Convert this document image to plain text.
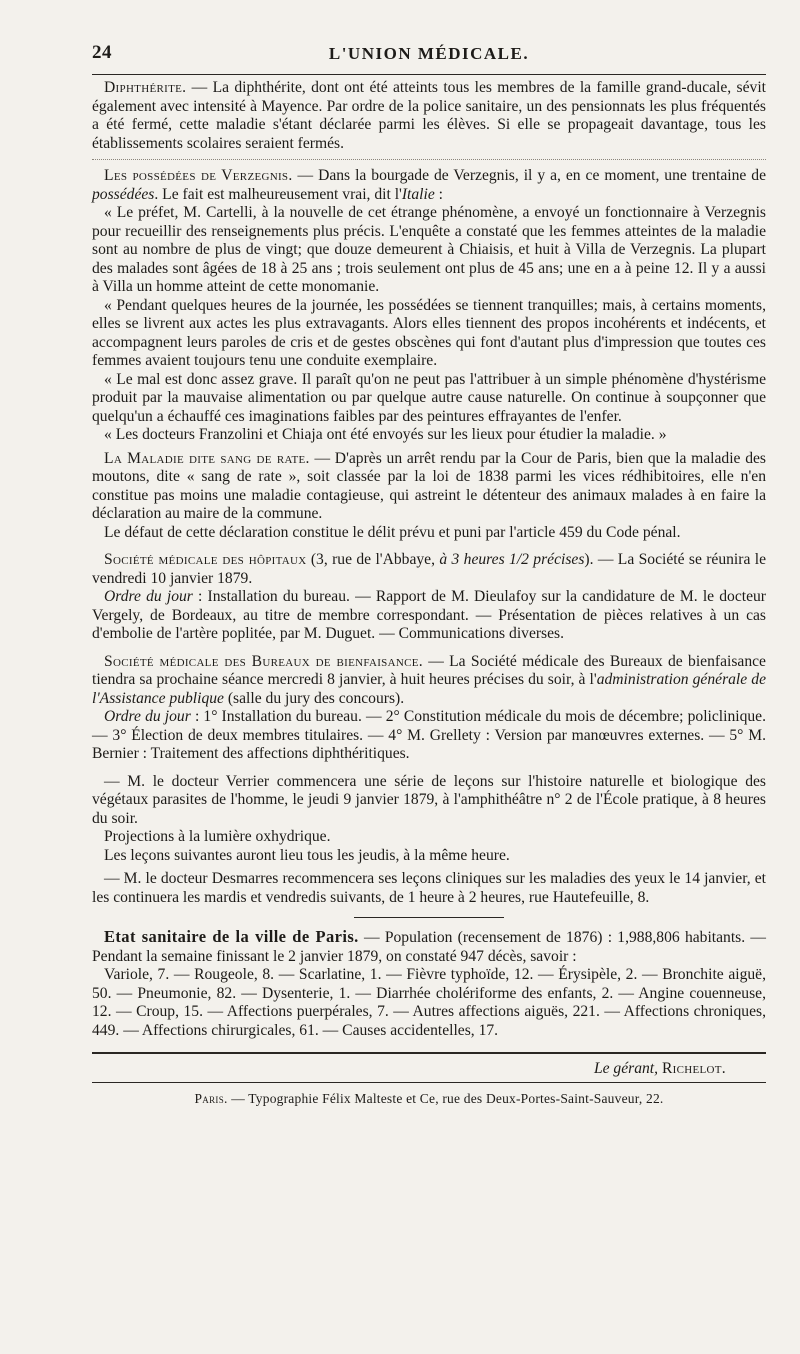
24	L'UNION MÉDICALE.

Diphthérite. — La diphthérite, dont ont été atteints tous les membres de la famille grand-ducale, sévit également avec intensité à Mayence. Par ordre de la police sanitaire, un des pensionnats les plus fréquentés a été fermé, cette maladie s'étant déclarée parmi les élèves. Si elle se propageait davantage, tous les établissements scolaires seraient fermés.

Les possédées de Verzegnis. — Dans la bourgade de Verzegnis, il y a, en ce moment, une trentaine de possédées. Le fait est malheureusement vrai, dit l'Italie :

« Le préfet, M. Cartelli, à la nouvelle de cet étrange phénomène, a envoyé un fonctionnaire à Verzegnis pour recueillir des renseignements plus précis. L'enquête a constaté que les femmes atteintes de la maladie sont au nombre de plus de vingt; que douze demeurent à Chiaisis, et huit à Villa de Verzegnis. La plupart des malades sont âgées de 18 à 25 ans ; trois seulement ont plus de 45 ans; une en a à peine 12. Il y a aussi à Villa un homme atteint de cette monomanie.

« Pendant quelques heures de la journée, les possédées se tiennent tranquilles; mais, à certains moments, elles se livrent aux actes les plus extravagants. Alors elles tiennent des propos incohérents et indécents, et accompagnent leurs paroles de cris et de gestes obscènes qui font d'autant plus d'impression que toutes ces femmes avaient toujours tenu une conduite exemplaire.

« Le mal est donc assez grave. Il paraît qu'on ne peut pas l'attribuer à un simple phénomène d'hystérisme produit par la mauvaise alimentation ou par quelque autre cause naturelle. On continue à soupçonner que quelqu'un a échauffé ces imaginations faibles par des peintures effrayantes de l'enfer.

« Les docteurs Franzolini et Chiaja ont été envoyés sur les lieux pour étudier la maladie. »

La Maladie dite sang de rate. — D'après un arrêt rendu par la Cour de Paris, bien que la maladie des moutons, dite « sang de rate », soit classée par la loi de 1838 parmi les vices rédhibitoires, elle n'en constitue pas moins une maladie contagieuse, qui astreint le détenteur des animaux malades à en faire la déclaration au maire de la commune.

Le défaut de cette déclaration constitue le délit prévu et puni par l'article 459 du Code pénal.

Société médicale des hôpitaux (3, rue de l'Abbaye, à 3 heures 1/2 précises). — La Société se réunira le vendredi 10 janvier 1879.

Ordre du jour : Installation du bureau. — Rapport de M. Dieulafoy sur la candidature de M. le docteur Vergely, de Bordeaux, au titre de membre correspondant. — Présentation de pièces relatives à un cas d'embolie de l'artère poplitée, par M. Duguet. — Communications diverses.

Société médicale des Bureaux de bienfaisance. — La Société médicale des Bureaux de bienfaisance tiendra sa prochaine séance mercredi 8 janvier, à huit heures précises du soir, à l'administration générale de l'Assistance publique (salle du jury des concours).

Ordre du jour : 1° Installation du bureau. — 2° Constitution médicale du mois de décembre; policlinique. — 3° Élection de deux membres titulaires. — 4° M. Grellety : Version par manœuvres externes. — 5° M. Bernier : Traitement des affections diphthéritiques.

— M. le docteur Verrier commencera une série de leçons sur l'histoire naturelle et biologique des végétaux parasites de l'homme, le jeudi 9 janvier 1879, à l'amphithéâtre n° 2 de l'École pratique, à 8 heures du soir.

Projections à la lumière oxhydrique.

Les leçons suivantes auront lieu tous les jeudis, à la même heure.

— M. le docteur Desmarres recommencera ses leçons cliniques sur les maladies des yeux le 14 janvier, et les continuera les mardis et vendredis suivants, de 1 heure à 2 heures, rue Hautefeuille, 8.

Etat sanitaire de la ville de Paris. — Population (recensement de 1876) : 1,988,806 habitants. — Pendant la semaine finissant le 2 janvier 1879, on constaté 947 décès, savoir :

Variole, 7. — Rougeole, 8. — Scarlatine, 1. — Fièvre typhoïde, 12. — Érysipèle, 2. — Bronchite aiguë, 50. — Pneumonie, 82. — Dysenterie, 1. — Diarrhée cholériforme des enfants, 2. — Angine couenneuse, 12. — Croup, 15. — Affections puerpérales, 7. — Autres affections aiguës, 221. — Affections chroniques, 449. — Affections chirurgicales, 61. — Causes accidentelles, 17.

Le gérant, Richelot.

Paris. — Typographie Félix Malteste et Ce, rue des Deux-Portes-Saint-Sauveur, 22.
